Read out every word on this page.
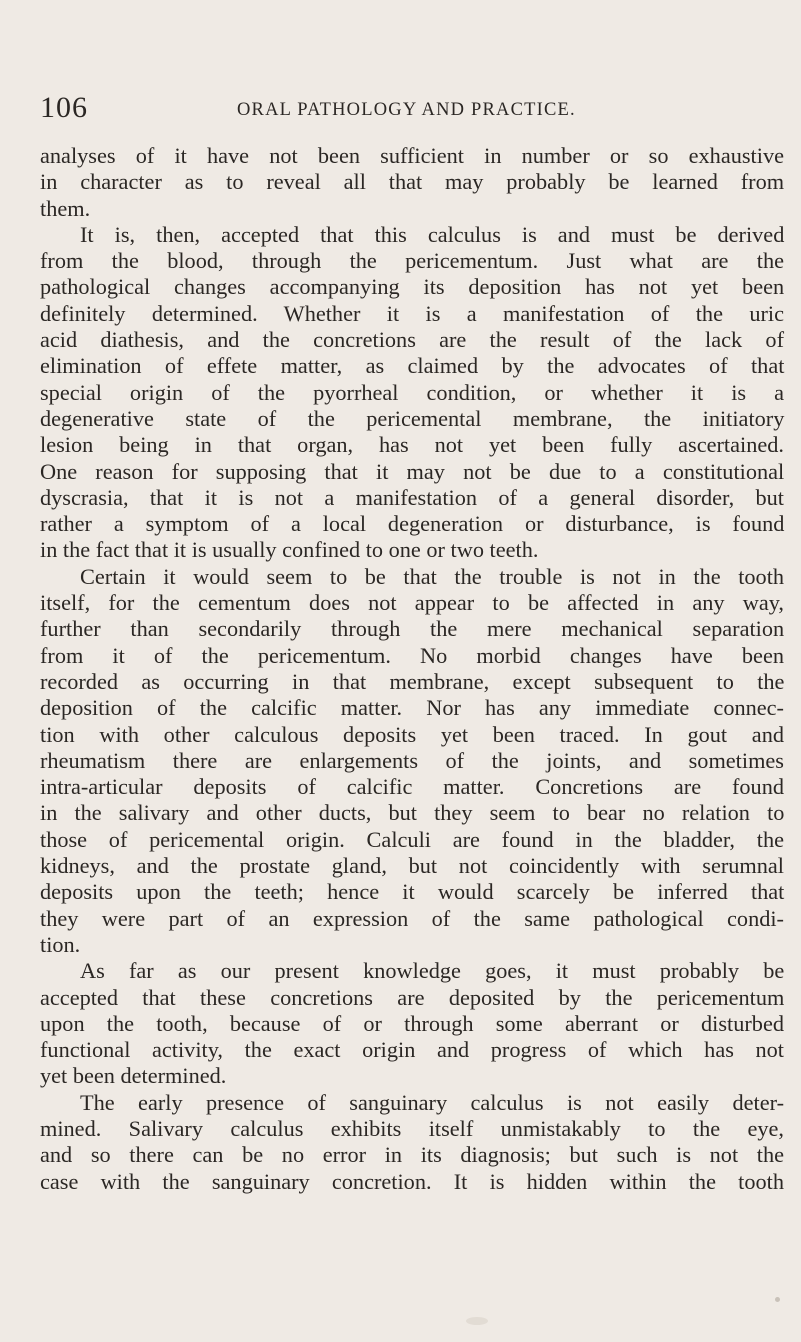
106	ORAL PATHOLOGY AND PRACTICE.
analyses of it have not been sufficient in number or so exhaustive
in character as to reveal all that may probably be learned from
them.
It is, then, accepted that this calculus is and must be derived
from the blood, through the pericementum. Just what are the
pathological changes accompanying its deposition has not yet been
definitely determined. Whether it is a manifestation of the uric
acid diathesis, and the concretions are the result of the lack of
elimination of effete matter, as claimed by the advocates of that
special origin of the pyorrheal condition, or whether it is a
degenerative state of the pericemental membrane, the initiatory
lesion being in that organ, has not yet been fully ascertained.
One reason for supposing that it may not be due to a constitutional
dyscrasia, that it is not a manifestation of a general disorder, but
rather a symptom of a local degeneration or disturbance, is found
in the fact that it is usually confined to one or two teeth.
Certain it would seem to be that the trouble is not in the tooth
itself, for the cementum does not appear to be affected in any way,
further than secondarily through the mere mechanical separation
from it of the pericementum. No morbid changes have been
recorded as occurring in that membrane, except subsequent to the
deposition of the calcific matter. Nor has any immediate connec-
tion with other calculous deposits yet been traced. In gout and
rheumatism there are enlargements of the joints, and sometimes
intra-articular deposits of calcific matter. Concretions are found
in the salivary and other ducts, but they seem to bear no relation to
those of pericemental origin. Calculi are found in the bladder, the
kidneys, and the prostate gland, but not coincidently with serumnal
deposits upon the teeth; hence it would scarcely be inferred that
they were part of an expression of the same pathological condi-
tion.
As far as our present knowledge goes, it must probably be
accepted that these concretions are deposited by the pericementum
upon the tooth, because of or through some aberrant or disturbed
functional activity, the exact origin and progress of which has not
yet been determined.
The early presence of sanguinary calculus is not easily deter-
mined. Salivary calculus exhibits itself unmistakably to the eye,
and so there can be no error in its diagnosis; but such is not the
case with the sanguinary concretion. It is hidden within the tooth
